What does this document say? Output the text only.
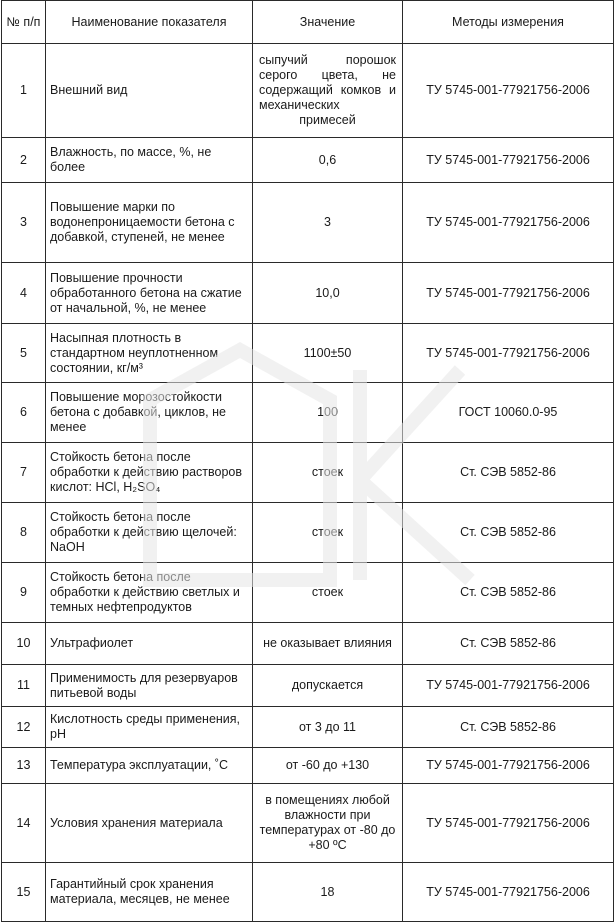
№ п/п	Наименование показателя	Значение	Методы измерения
1	Внешний вид	сыпучий порошок серого цвета, не содержащий комков и механических примесей	ТУ 5745-001-77921756-2006
2	Влажность, по массе, %, не более	0,6	ТУ 5745-001-77921756-2006
3	Повышение марки по водонепроницаемости бетона с добавкой, ступеней, не менее	3	ТУ 5745-001-77921756-2006
4	Повышение прочности обработанного бетона на сжатие от начальной, %, не менее	10,0	ТУ 5745-001-77921756-2006
5	Насыпная плотность в стандартном неуплотненном состоянии, кг/м³	1100±50	ТУ 5745-001-77921756-2006
6	Повышение морозостойкости бетона с добавкой, циклов, не менее	100	ГОСТ 10060.0-95
7	Стойкость бетона после обработки к действию растворов кислот: HCl, H₂SO₄	стоек	Ст. СЭВ 5852-86
8	Стойкость бетона после обработки к действию щелочей: NaOH	стоек	Ст. СЭВ 5852-86
9	Стойкость бетона после обработки к действию светлых и темных нефтепродуктов	стоек	Ст. СЭВ 5852-86
10	Ультрафиолет	не оказывает влияния	Ст. СЭВ 5852-86
11	Применимость для резервуаров питьевой воды	допускается	ТУ 5745-001-77921756-2006
12	Кислотность среды применения, pH	от 3 до 11	Ст. СЭВ 5852-86
13	Температура эксплуатации, ˚С	от -60 до +130	ТУ 5745-001-77921756-2006
14	Условия хранения материала	в помещениях любой влажности при температурах от -80 до +80 ºС	ТУ 5745-001-77921756-2006
15	Гарантийный срок хранения материала, месяцев, не менее	18	ТУ 5745-001-77921756-2006
